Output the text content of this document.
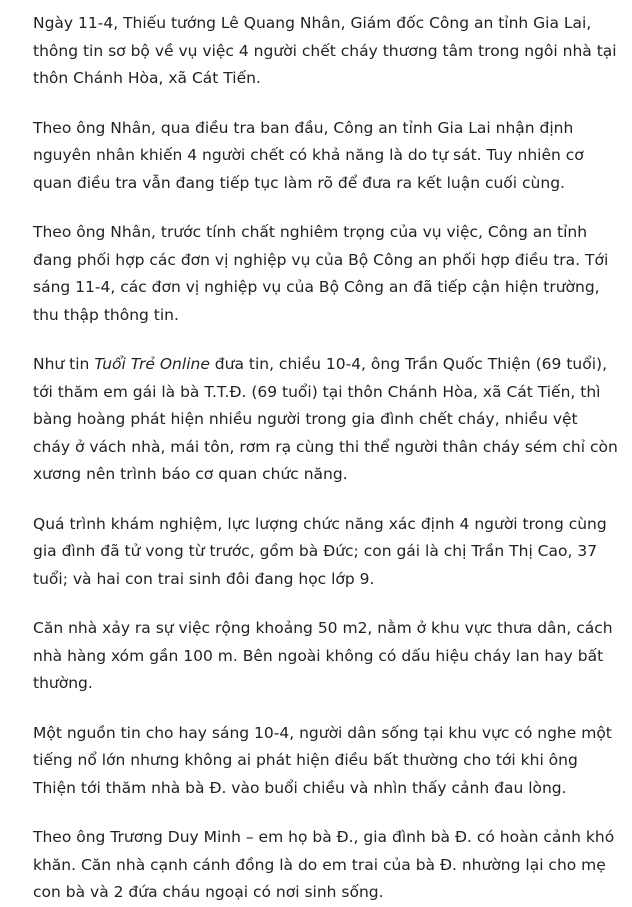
Ngày 11-4, Thiếu tướng Lê Quang Nhân, Giám đốc Công an tỉnh Gia Lai, thông tin sơ bộ về vụ việc 4 người chết cháy thương tâm trong ngôi nhà tại thôn Chánh Hòa, xã Cát Tiến.

Theo ông Nhân, qua điều tra ban đầu, Công an tỉnh Gia Lai nhận định nguyên nhân khiến 4 người chết có khả năng là do tự sát. Tuy nhiên cơ quan điều tra vẫn đang tiếp tục làm rõ để đưa ra kết luận cuối cùng.

Theo ông Nhân, trước tính chất nghiêm trọng của vụ việc, Công an tỉnh đang phối hợp các đơn vị nghiệp vụ của Bộ Công an phối hợp điều tra. Tới sáng 11-4, các đơn vị nghiệp vụ của Bộ Công an đã tiếp cận hiện trường, thu thập thông tin.

Như tin Tuổi Trẻ Online đưa tin, chiều 10-4, ông Trần Quốc Thiện (69 tuổi), tới thăm em gái là bà T.T.Đ. (69 tuổi) tại thôn Chánh Hòa, xã Cát Tiến, thì bàng hoàng phát hiện nhiều người trong gia đình chết cháy, nhiều vệt cháy ở vách nhà, mái tôn, rơm rạ cùng thi thể người thân cháy sém chỉ còn xương nên trình báo cơ quan chức năng.

Quá trình khám nghiệm, lực lượng chức năng xác định 4 người trong cùng gia đình đã tử vong từ trước, gồm bà Đức; con gái là chị Trần Thị Cao, 37 tuổi; và hai con trai sinh đôi đang học lớp 9.

Căn nhà xảy ra sự việc rộng khoảng 50 m2, nằm ở khu vực thưa dân, cách nhà hàng xóm gần 100 m. Bên ngoài không có dấu hiệu cháy lan hay bất thường.

Một nguồn tin cho hay sáng 10-4, người dân sống tại khu vực có nghe một tiếng nổ lớn nhưng không ai phát hiện điều bất thường cho tới khi ông Thiện tới thăm nhà bà Đ. vào buổi chiều và nhìn thấy cảnh đau lòng.

Theo ông Trương Duy Minh – em họ bà Đ., gia đình bà Đ. có hoàn cảnh khó khăn. Căn nhà cạnh cánh đồng là do em trai của bà Đ. nhường lại cho mẹ con bà và 2 đứa cháu ngoại có nơi sinh sống.
